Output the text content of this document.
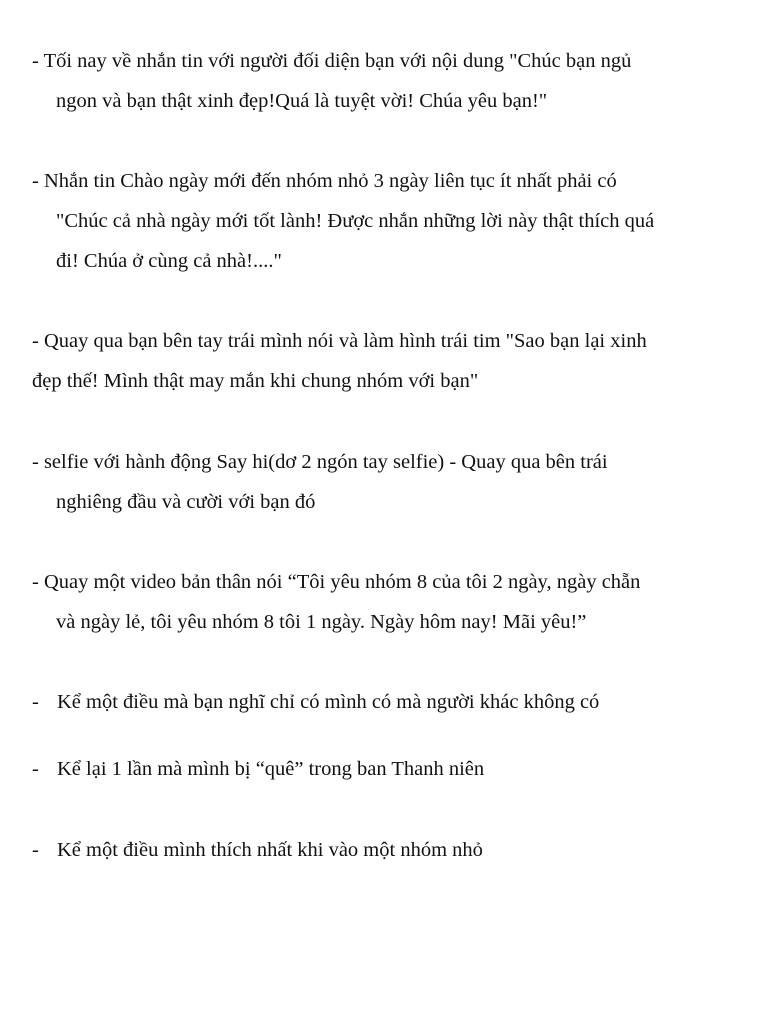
- Tối nay về nhắn tin với người đối diện bạn với nội dung "Chúc bạn ngủ
ngon và bạn thật xinh đẹp!Quá là tuyệt vời! Chúa yêu bạn!"

- Nhắn tin Chào ngày mới đến nhóm nhỏ 3 ngày liên tục ít nhất phải có
"Chúc cả nhà ngày mới tốt lành! Được nhắn những lời này thật thích quá
đi! Chúa ở cùng cả nhà!...."

- Quay qua bạn bên tay trái mình nói và làm hình trái tim "Sao bạn lại xinh
đẹp thế! Mình thật may mắn khi chung nhóm với bạn"

- selfie với hành động Say hi(dơ 2 ngón tay selfie) - Quay qua bên trái
nghiêng đầu và cười với bạn đó

- Quay một video bản thân nói “Tôi yêu nhóm 8 của tôi 2 ngày, ngày chẵn
và ngày lẻ, tôi yêu nhóm 8 tôi 1 ngày. Ngày hôm nay! Mãi yêu!”

- Kể một điều mà bạn nghĩ chỉ có mình có mà người khác không có

- Kể lại 1 lần mà mình bị “quê” trong ban Thanh niên

- Kể một điều mình thích nhất khi vào một nhóm nhỏ
